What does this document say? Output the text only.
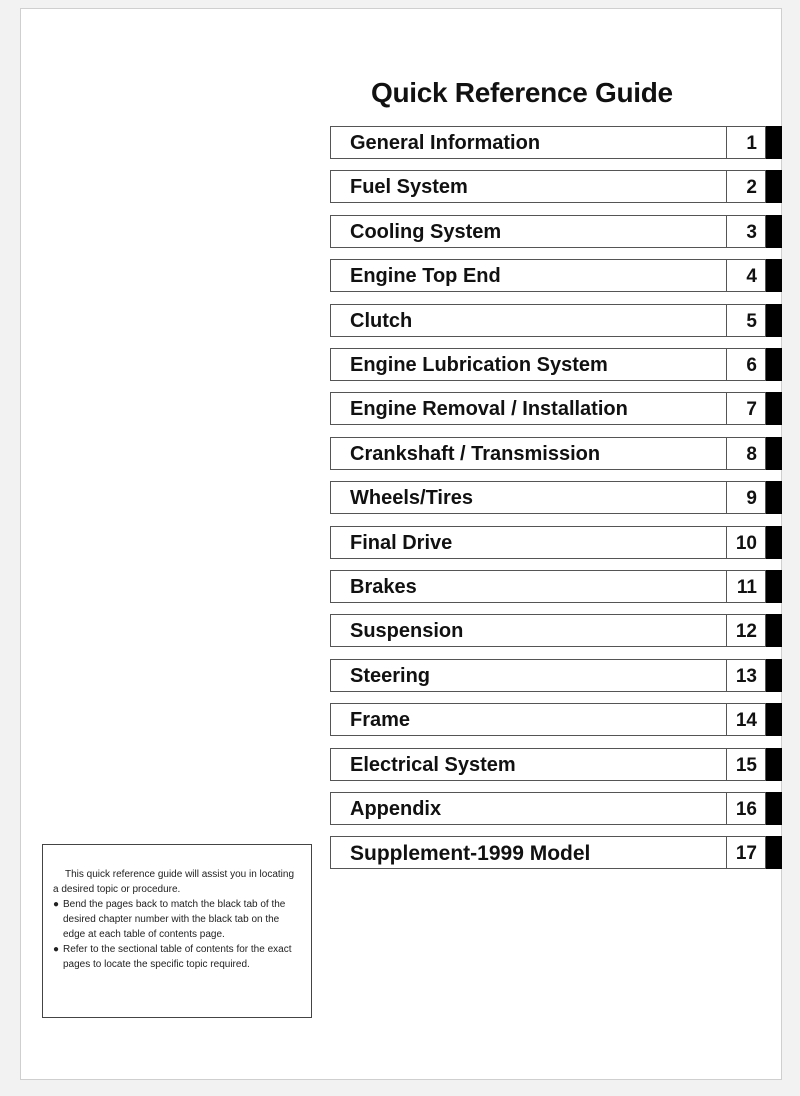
Quick Reference Guide
General Information	1
Fuel System	2
Cooling System	3
Engine Top End	4
Clutch	5
Engine Lubrication System	6
Engine Removal / Installation	7
Crankshaft / Transmission	8
Wheels/Tires	9
Final Drive	10
Brakes	11
Suspension	12
Steering	13
Frame	14
Electrical System	15
Appendix	16
Supplement-1999 Model	17

This quick reference guide will assist you in locating a desired topic or procedure.

● Bend the pages back to match the black tab of the desired chapter number with the black tab on the edge at each table of contents page.

● Refer to the sectional table of contents for the exact pages to locate the specific topic required.
